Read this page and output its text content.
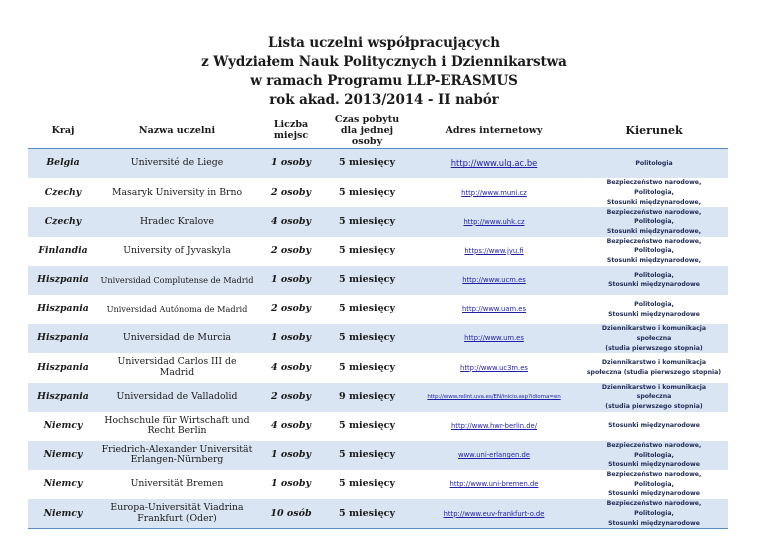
Lista uczelni współpracujących
z Wydziałem Nauk Politycznych i Dziennikarstwa
w ramach Programu LLP-ERASMUS
rok akad. 2013/2014 - II nabór
Kraj	Nazwa uczelni	Liczba
miejsc	Czas pobytu
dla jednej
osoby	Adres internetowy	Kierunek
Belgia	Université de Liege	1 osoby	5 miesięcy	http://www.ulg.ac.be	Politologia

Czechy	Masaryk University in Brno	2 osoby	5 miesięcy	http://www.muni.cz	Bezpieczeństwo narodowe,
Politologia,
Stosunki międzynarodowe,

Czechy	Hradec Kralove	4 osoby	5 miesięcy	http://www.uhk.cz	Bezpieczeństwo narodowe,
Politologia,
Stosunki międzynarodowe,

Finlandia	University of Jyvaskyla	2 osoby	5 miesięcy	https://www.jyu.fi	Bezpieczeństwo narodowe,
Politologia,
Stosunki międzynarodowe,

Hiszpania	Universidad Complutense de Madrid	1 osoby	5 miesięcy	http://www.ucm.es	Politologia,
Stosunki międzynarodowe

Hiszpania	Universidad Autónoma de Madrid	2 osoby	5 miesięcy	http://www.uam.es	Politologia,
Stosunki międzynarodowe

Hiszpania	Universidad de Murcia	1 osoby	5 miesięcy	http://www.um.es	Dziennikarstwo i komunikacja
społeczna
(studia pierwszego stopnia)

Hiszpania	Universidad Carlos III de Madrid	4 osoby	5 miesięcy	http://www.uc3m.es	Dziennikarstwo i komunikacja
społeczna (studia pierwszego stopnia)

Hiszpania	Universidad de Valladolid	2 osoby	9 miesięcy	http://www.relint.uva.es/EN/inicio.asp?idioma=en	Dziennikarstwo i komunikacja
społeczna
(studia pierwszego stopnia)

Niemcy	Hochschule für Wirtschaft und
Recht Berlin	4 osoby	5 miesięcy	http://www.hwr-berlin.de/	Stosunki międzynarodowe

Niemcy	Friedrich-Alexander Universität
Erlangen-Nürnberg	1 osoby	5 miesięcy	www.uni-erlangen.de	Bezpieczeństwo narodowe,
Politologia,
Stosunki międzynarodowe

Niemcy	Universität Bremen	1 osoby	5 miesięcy	http://www.uni-bremen.de	Bezpieczeństwo narodowe,
Politologia,
Stosunki międzynarodowe

Niemcy	Europa-Universität Viadrina
Frankfurt (Oder)	10 osób	5 miesięcy	http://www.euv-frankfurt-o.de	Bezpieczeństwo narodowe,
Politologia,
Stosunki międzynarodowe
